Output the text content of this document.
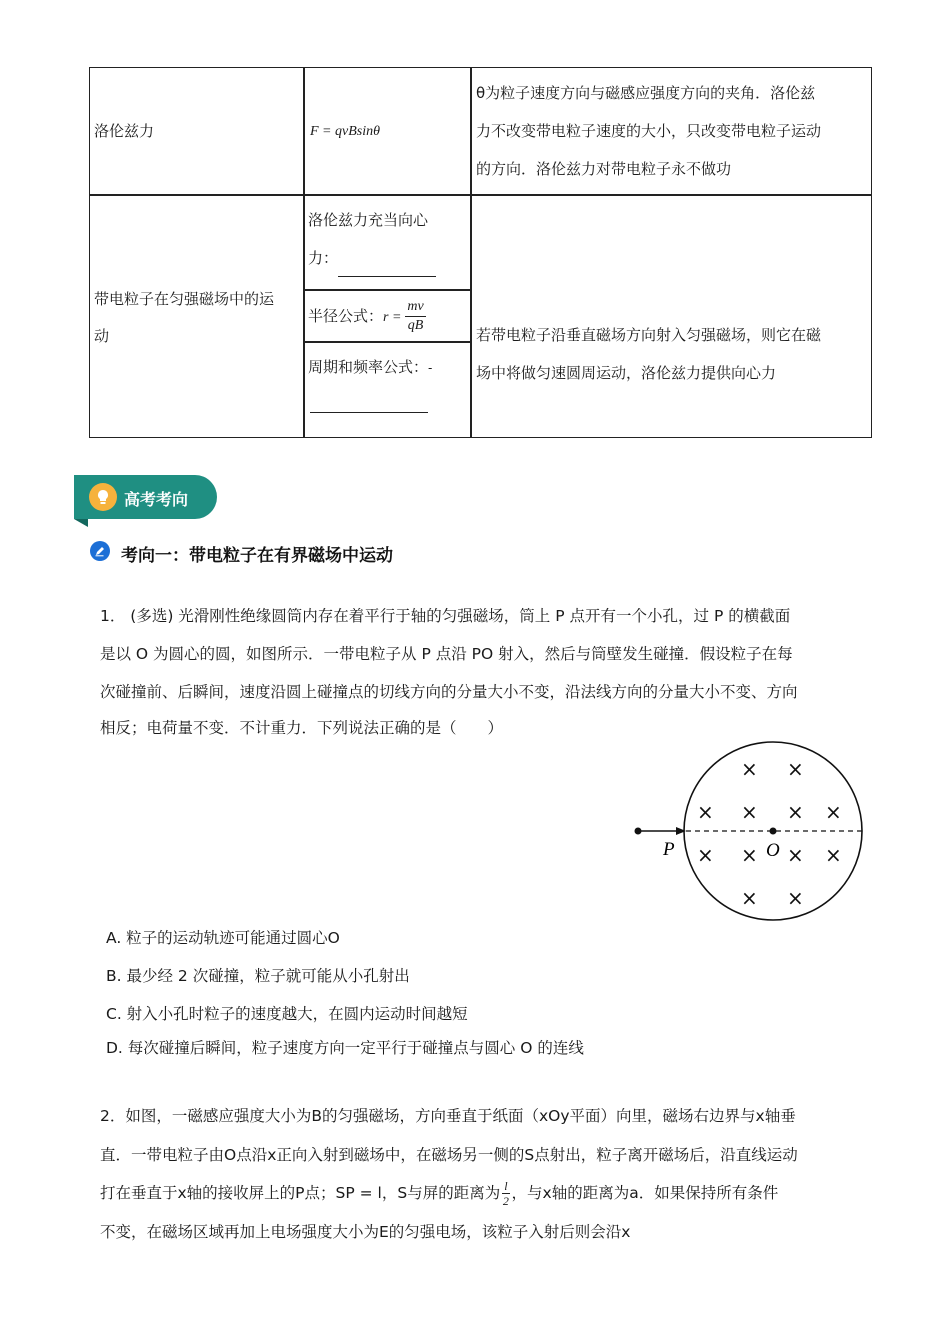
洛伦兹力	F = qvBsinθ
θ为粒子速度方向与磁感应强度方向的夹角．洛伦兹
力不改变带电粒子速度的大小，只改变带电粒子运动
的方向．洛伦兹力对带电粒子永不做功
带电粒子在匀强磁场中的运
动
洛伦兹力充当向心
力：
半径公式：$r = \frac{mv}{qB}$
周期和频率公式：-
若带电粒子沿垂直磁场方向射入匀强磁场，则它在磁
场中将做匀速圆周运动，洛伦兹力提供向心力
高考考向
考向一：带电粒子在有界磁场中运动
1． (多选) 光滑刚性绝缘圆筒内存在着平行于轴的匀强磁场，筒上 P 点开有一个小孔，过 P 的横截面
是以 O 为圆心的圆，如图所示．一带电粒子从 P 点沿 PO 射入，然后与筒壁发生碰撞．假设粒子在每
次碰撞前、后瞬间，速度沿圆上碰撞点的切线方向的分量大小不变，沿法线方向的分量大小不变、方向
相反；电荷量不变．不计重力．下列说法正确的是（　　）
P	O
× ×
× × × ×
× × × ×
× ×
A. 粒子的运动轨迹可能通过圆心O
B. 最少经 2 次碰撞，粒子就可能从小孔射出
C. 射入小孔时粒子的速度越大，在圆内运动时间越短
D. 每次碰撞后瞬间，粒子速度方向一定平行于碰撞点与圆心 O 的连线
2．如图，一磁感应强度大小为B的匀强磁场，方向垂直于纸面（xOy平面）向里，磁场右边界与x轴垂
直．一带电粒子由O点沿x正向入射到磁场中，在磁场另一侧的S点射出，粒子离开磁场后，沿直线运动
打在垂直于x轴的接收屏上的P点；SP = l，S与屏的距离为 $\frac{l}{2}$ ，与x轴的距离为a．如果保持所有条件
不变，在磁场区域再加上电场强度大小为E的匀强电场，该粒子入射后则会沿x
